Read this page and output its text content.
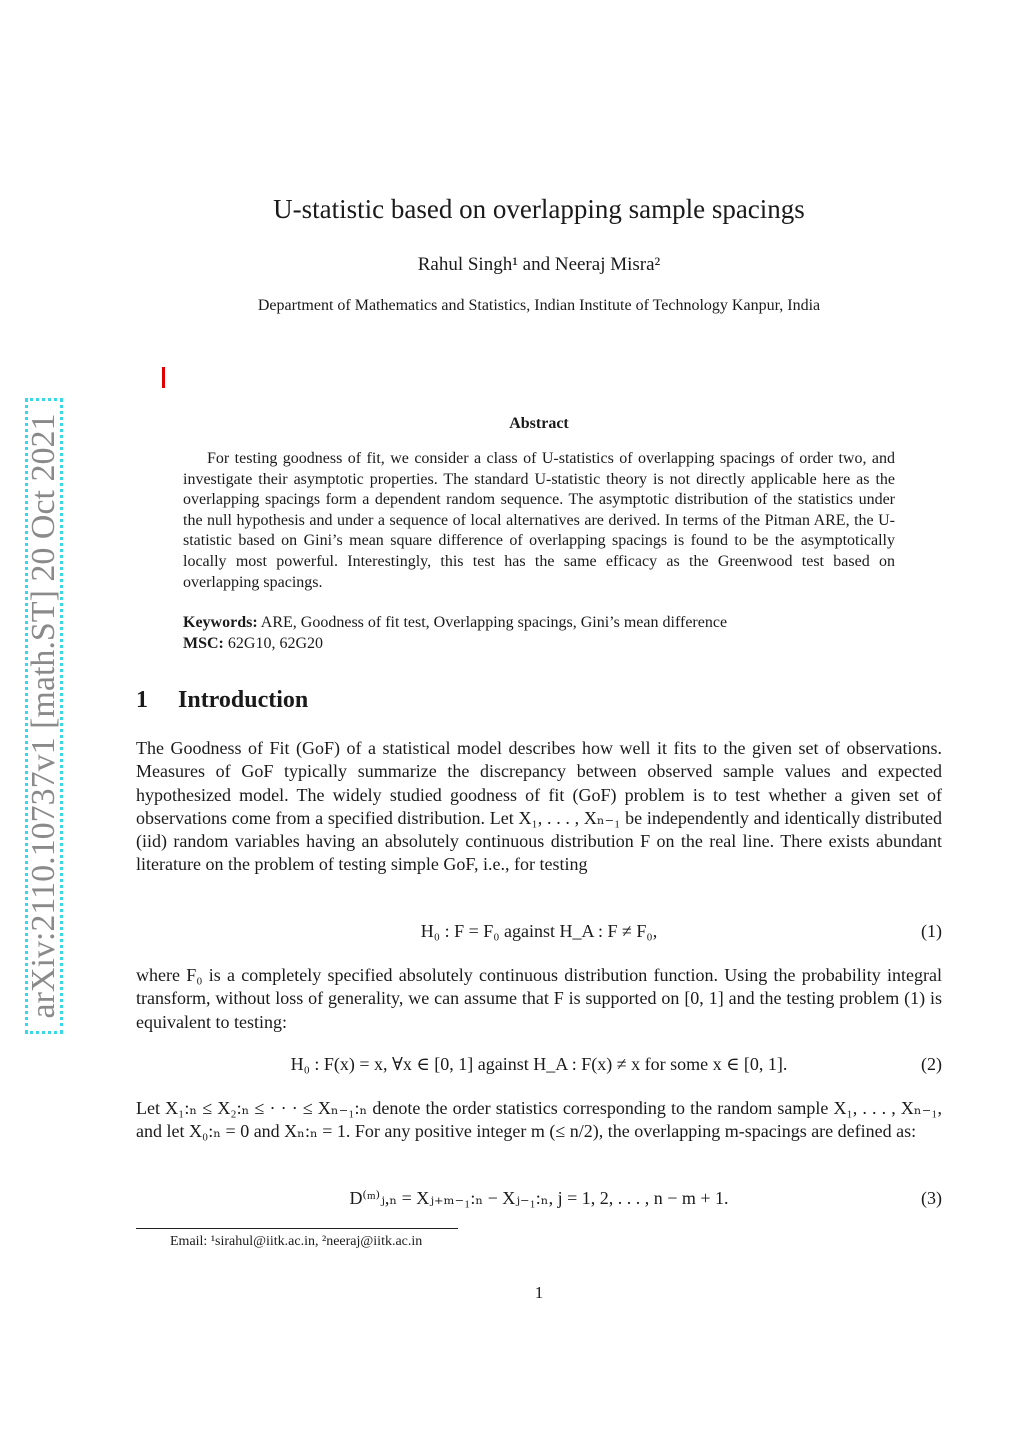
U-statistic based on overlapping sample spacings
Rahul Singh¹ and Neeraj Misra²
Department of Mathematics and Statistics, Indian Institute of Technology Kanpur, India
arXiv:2110.10737v1 [math.ST] 20 Oct 2021	Abstract
For testing goodness of fit, we consider a class of U-statistics of overlapping spacings of order two, and investigate their asymptotic properties. The standard U-statistic theory is not directly applicable here as the overlapping spacings form a dependent random sequence. The asymptotic distribution of the statistics under the null hypothesis and under a sequence of local alternatives are derived. In terms of the Pitman ARE, the U-statistic based on Gini’s mean square difference of overlapping spacings is found to be the asymptotically locally most powerful. Interestingly, this test has the same efficacy as the Greenwood test based on overlapping spacings.
Keywords: ARE, Goodness of fit test, Overlapping spacings, Gini’s mean difference
MSC: 62G10, 62G20
1 Introduction
The Goodness of Fit (GoF) of a statistical model describes how well it fits to the given set of observations. Measures of GoF typically summarize the discrepancy between observed sample values and expected hypothesized model. The widely studied goodness of fit (GoF) problem is to test whether a given set of observations come from a specified distribution. Let X₁, . . . , Xₙ₋₁ be independently and identically distributed (iid) random variables having an absolutely continuous distribution F on the real line. There exists abundant literature on the problem of testing simple GoF, i.e., for testing
H₀ : F = F₀ against H_A : F ≠ F₀,	(1)
where F₀ is a completely specified absolutely continuous distribution function. Using the probability integral transform, without loss of generality, we can assume that F is supported on [0, 1] and the testing problem (1) is equivalent to testing:
H₀ : F(x) = x, ∀x ∈ [0, 1] against H_A : F(x) ≠ x for some x ∈ [0, 1].	(2)
Let X₁:ₙ ≤ X₂:ₙ ≤ · · · ≤ Xₙ₋₁:ₙ denote the order statistics corresponding to the random sample X₁, . . . , Xₙ₋₁, and let X₀:ₙ = 0 and Xₙ:ₙ = 1. For any positive integer m (≤ n/2), the overlapping m-spacings are defined as:
D⁽ᵐ⁾ⱼ,ₙ = Xⱼ₊ₘ₋₁:ₙ − Xⱼ₋₁:ₙ, j = 1, 2, . . . , n − m + 1.	(3)
Email: ¹sirahul@iitk.ac.in, ²neeraj@iitk.ac.in
1
